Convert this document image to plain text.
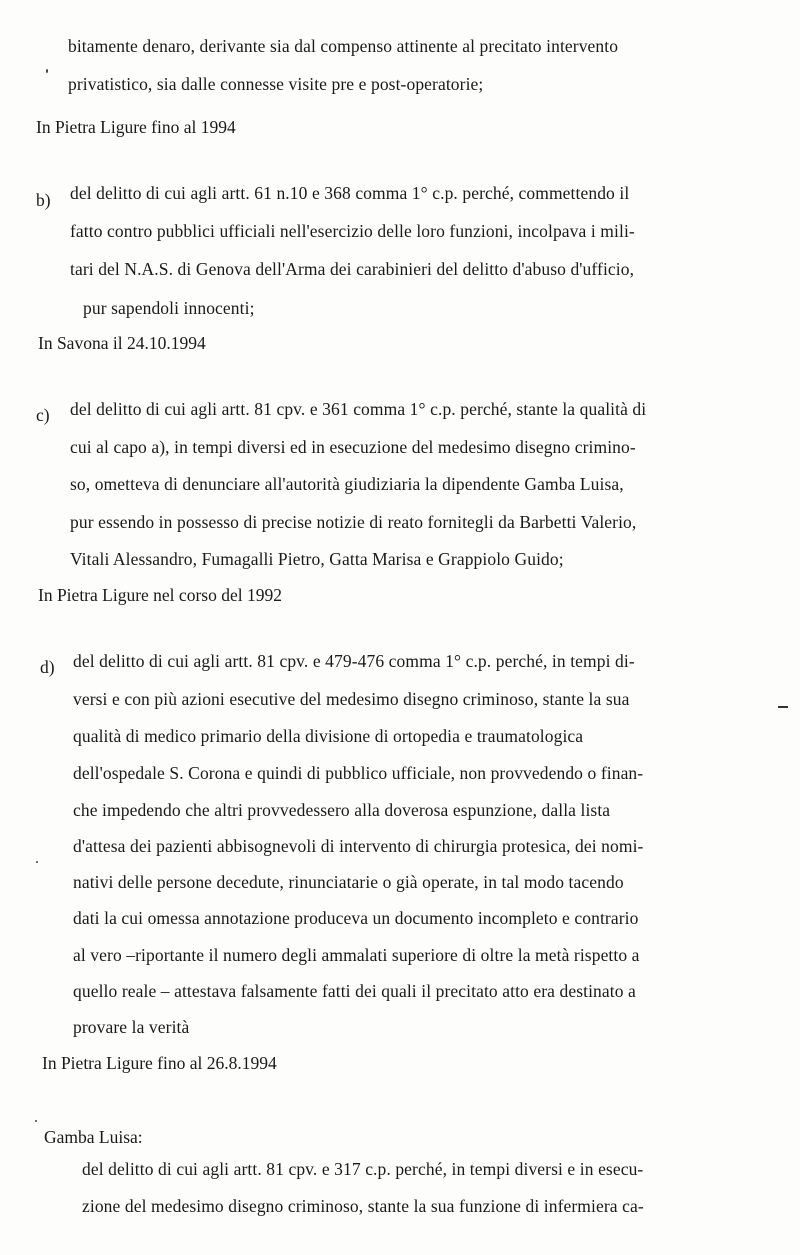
bitamente denaro, derivante sia dal compenso attinente al precitato intervento
privatistico, sia dalle connesse visite pre e post-operatorie;
In Pietra Ligure fino al 1994
b) del delitto di cui agli artt. 61 n.10 e 368 comma 1° c.p. perché, commettendo il
fatto contro pubblici ufficiali nell'esercizio delle loro funzioni, incolpava i mili-
tari del N.A.S. di Genova dell'Arma dei carabinieri del delitto d'abuso d'ufficio,
pur sapendoli innocenti;
In Savona il 24.10.1994
c) del delitto di cui agli artt. 81 cpv. e 361 comma 1° c.p. perché, stante la qualità di
cui al capo a), in tempi diversi ed in esecuzione del medesimo disegno crimino-
so, ometteva di denunciare all'autorità giudiziaria la dipendente Gamba Luisa,
pur essendo in possesso di precise notizie di reato fornitegli da Barbetti Valerio,
Vitali Alessandro, Fumagalli Pietro, Gatta Marisa e Grappiolo Guido;
In Pietra Ligure nel corso del 1992
d) del delitto di cui agli artt. 81 cpv. e 479-476 comma 1° c.p. perché, in tempi di-
versi e con più azioni esecutive del medesimo disegno criminoso, stante la sua
qualità di medico primario della divisione di ortopedia e traumatologica
dell'ospedale S. Corona e quindi di pubblico ufficiale, non provvedendo o finan-
che impedendo che altri provvedessero alla doverosa espunzione, dalla lista
d'attesa dei pazienti abbisognevoli di intervento di chirurgia protesica, dei nomi-
nativi delle persone decedute, rinunciatarie o già operate, in tal modo tacendo
dati la cui omessa annotazione produceva un documento incompleto e contrario
al vero –riportante il numero degli ammalati superiore di oltre la metà rispetto a
quello reale – attestava falsamente fatti dei quali il precitato atto era destinato a
provare la verità
In Pietra Ligure fino al 26.8.1994
Gamba Luisa:
del delitto di cui agli artt. 81 cpv. e 317 c.p. perché, in tempi diversi e in esecu-
zione del medesimo disegno criminoso, stante la sua funzione di infermiera ca-
